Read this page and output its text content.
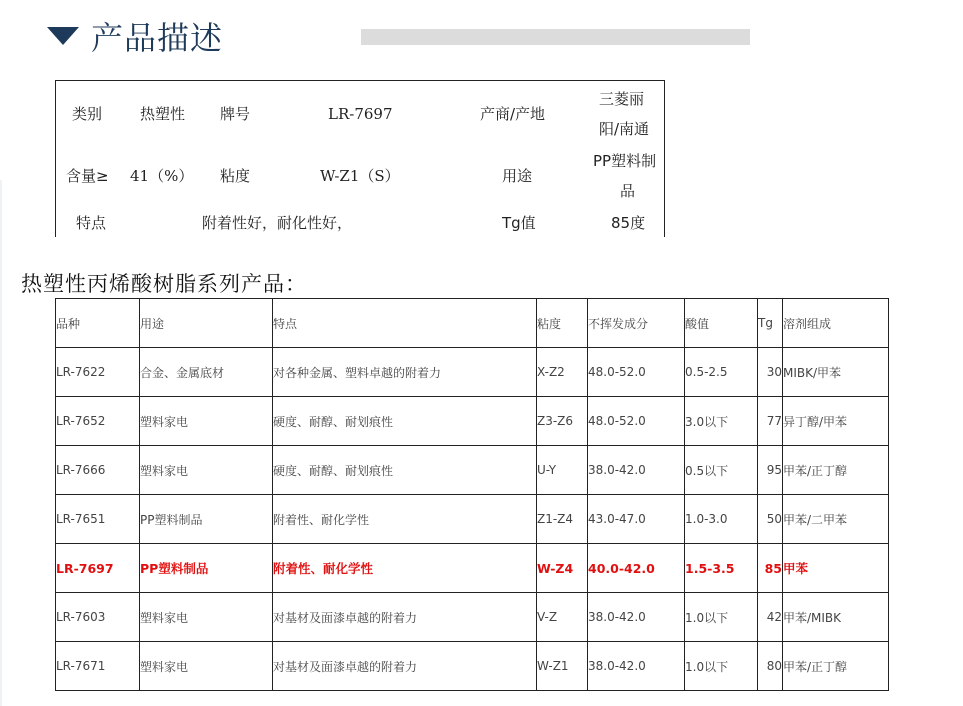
产品描述
类别	热塑性 牌号	LR-7697	产商/产地
三菱丽
阳/南通
含量≥ 41（%） 粘度	W-Z1（S）	用途
PP塑料制
品
特点	附着性好，耐化性好，	Tg值	85度
热塑性丙烯酸树脂系列产品：
品种	用途	特点	粘度	不挥发成分	酸值	Tg	溶剂组成
LR-7622	合金、金属底材	对各种金属、塑料卓越的附着力	X-Z2	48.0-52.0	0.5-2.5	30	MIBK/甲苯
LR-7652	塑料家电	硬度、耐醇、耐划痕性	Z3-Z6	48.0-52.0	3.0以下	77	异丁醇/甲苯
LR-7666	塑料家电	硬度、耐醇、耐划痕性	U-Y	38.0-42.0	0.5以下	95	甲苯/正丁醇
LR-7651	PP塑料制品	附着性、耐化学性	Z1-Z4	43.0-47.0	1.0-3.0	50	甲苯/二甲苯
LR-7697	PP塑料制品	附着性、耐化学性	W-Z4	40.0-42.0	1.5-3.5	85	甲苯
LR-7603	塑料家电	对基材及面漆卓越的附着力	V-Z	38.0-42.0	1.0以下	42	甲苯/MIBK
LR-7671	塑料家电	对基材及面漆卓越的附着力	W-Z1	38.0-42.0	1.0以下	80	甲苯/正丁醇
